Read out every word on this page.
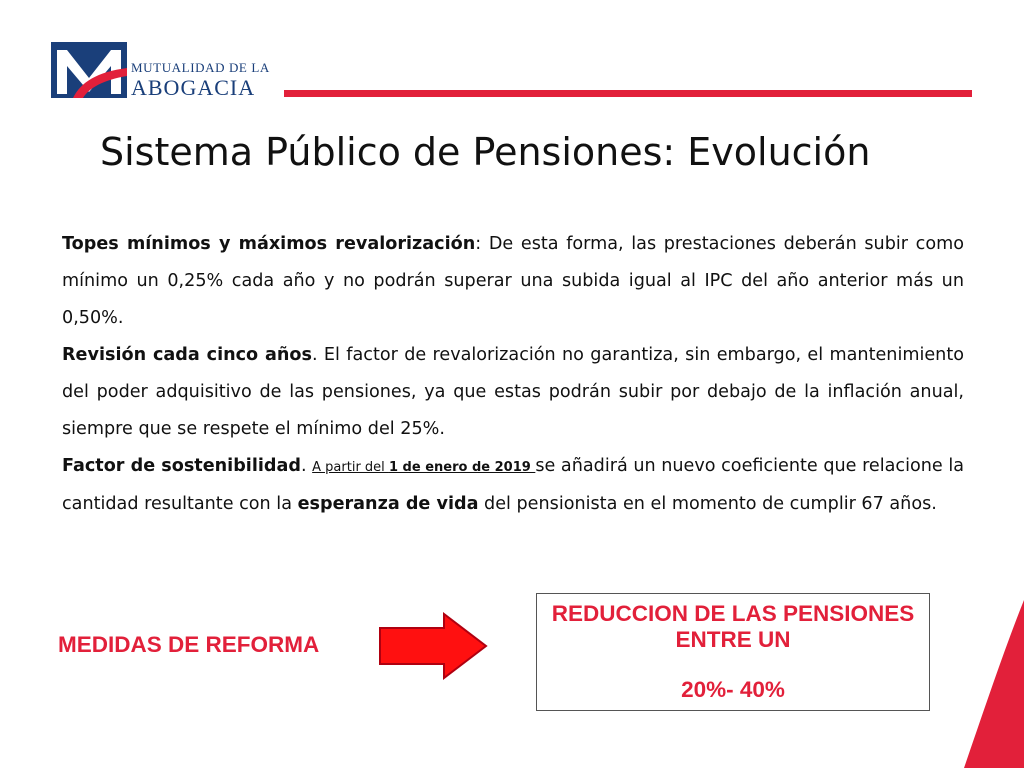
MUTUALIDAD DE LA
ABOGACIA
Sistema Público de Pensiones: Evolución

Topes mínimos y máximos revalorización: De esta forma, las prestaciones deberán subir como mínimo un 0,25% cada año y no podrán superar una subida igual al IPC del año anterior más un 0,50%.

Revisión cada cinco años. El factor de revalorización no garantiza, sin embargo, el mantenimiento del poder adquisitivo de las pensiones, ya que estas podrán subir por debajo de la inflación anual, siempre que se respete el mínimo del 25%.

Factor de sostenibilidad. A partir del 1 de enero de 2019 se añadirá un nuevo coeficiente que relacione la cantidad resultante con la esperanza de vida del pensionista en el momento de cumplir 67 años.

MEDIDAS DE REFORMA
REDUCCION DE LAS PENSIONES ENTRE UN
20%- 40%
